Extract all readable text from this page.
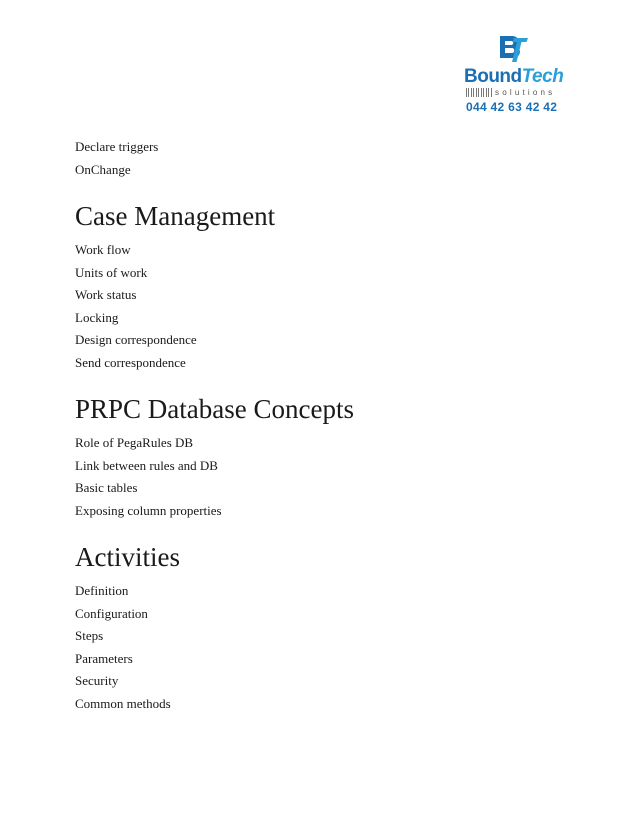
BoundTech
solutions
044 42 63 42 42

Declare triggers

OnChange

Case Management

Work flow

Units of work

Work status

Locking

Design correspondence

Send correspondence

PRPC Database Concepts

Role of PegaRules DB

Link between rules and DB

Basic tables

Exposing column properties

Activities

Definition

Configuration

Steps

Parameters

Security

Common methods
